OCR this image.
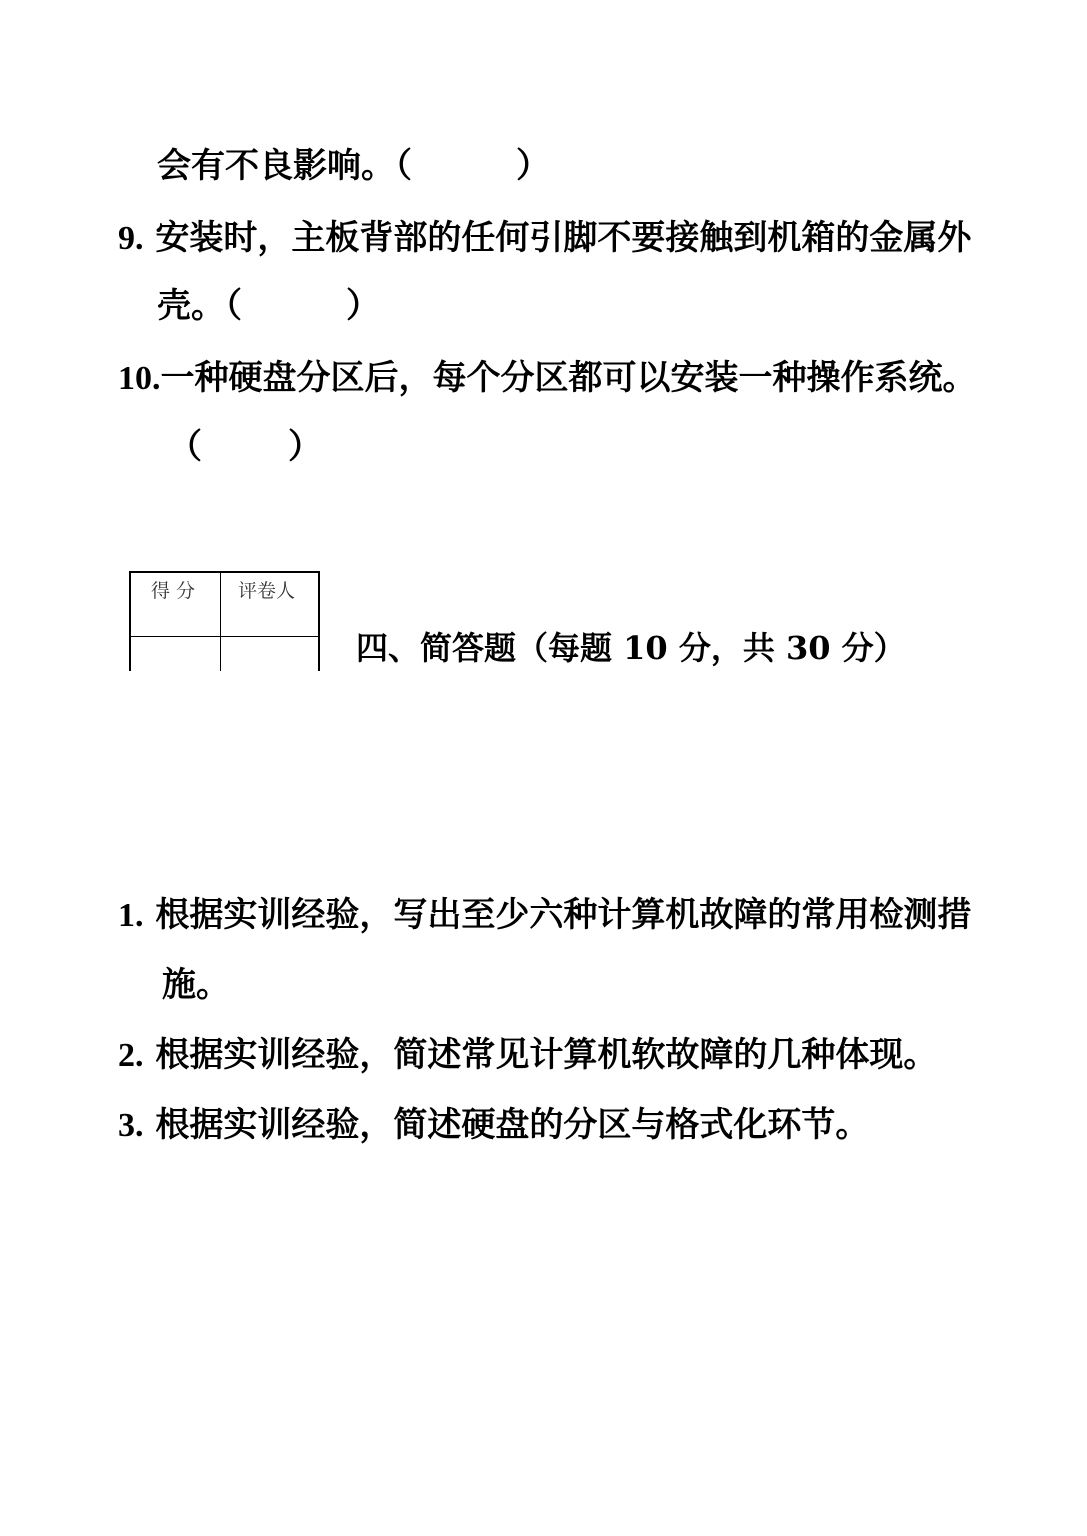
会有不良影响。（	）
9. 安装时，主板背部的任何引脚不要接触到机箱的金属外
壳。（	）
10.一种硬盘分区后，每个分区都可以安装一种操作系统。
（	）
得 分 评卷人
四、简答题（每题 10 分，共 30 分）
1. 根据实训经验，写出至少六种计算机故障的常用检测措
施。
2. 根据实训经验，简述常见计算机软故障的几种体现。
3. 根据实训经验，简述硬盘的分区与格式化环节。
